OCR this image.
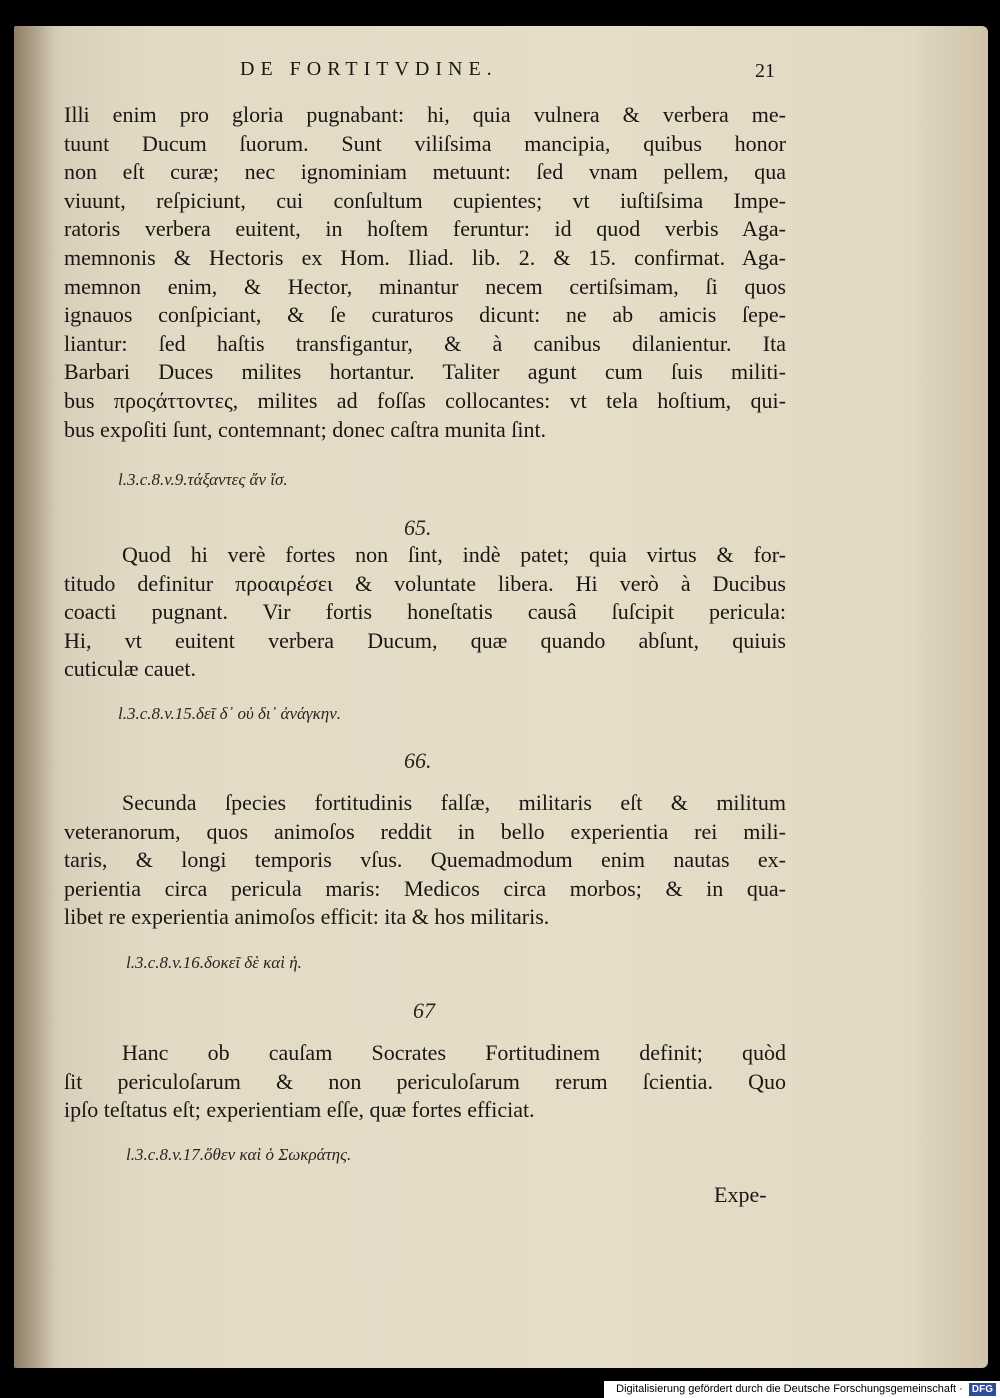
DE FORTITVDINE.	21
Illi enim pro gloria pugnabant: hi, quia vulnera & verbera me-
tuunt Ducum ſuorum. Sunt viliſsima mancipia, quibus honor
non eſt curæ; nec ignominiam metuunt: ſed vnam pellem, qua
viuunt, reſpiciunt, cui conſultum cupientes; vt iuſtiſsima Impe-
ratoris verbera euitent, in hoſtem feruntur: id quod verbis Aga-
memnonis & Hectoris ex Hom. Iliad. lib. 2. & 15. confirmat. Aga-
memnon enim, & Hector, minantur necem certiſsimam, ſi quos
ignauos conſpiciant, & ſe curaturos dicunt: ne ab amicis ſepe-
liantur: ſed haſtis transfigantur, & à canibus dilanientur. Ita
Barbari Duces milites hortantur. Taliter agunt cum ſuis militi-
bus προςάττοντες, milites ad foſſas collocantes: vt tela hoſtium, qui-
bus expoſiti ſunt, contemnant; donec caſtra munita ſint.
l.3.c.8.v.9.τάξαντες ἄν ἴσ.
65.
Quod hi verè fortes non ſint, indè patet; quia virtus & for-
titudo definitur προαιρέσει & voluntate libera. Hi verò à Ducibus
coacti pugnant. Vir fortis honeſtatis causâ ſuſcipit pericula:
Hi, vt euitent verbera Ducum, quæ quando abſunt, quiuis
cuticulæ cauet.
l.3.c.8.v.15.δεῖ δ᾽ οὐ δι᾽ ἀνάγκην.
66.
Secunda ſpecies fortitudinis falſæ, militaris eſt & militum
veteranorum, quos animoſos reddit in bello experientia rei mili-
taris, & longi temporis vſus. Quemadmodum enim nautas ex-
perientia circa pericula maris: Medicos circa morbos; & in qua-
libet re experientia animoſos efficit: ita & hos militaris.
l.3.c.8.v.16.δοκεῖ δὲ καὶ ἡ.
67
Hanc ob cauſam Socrates Fortitudinem definit; quòd
ſit periculoſarum & non periculoſarum rerum ſcientia. Quo
ipſo teſtatus eſt; experientiam eſſe, quæ fortes efficiat.
l.3.c.8.v.17.ὅθεν καὶ ὁ Σωκράτης.
Expe-
Digitalisierung gefördert durch die Deutsche Forschungsgemeinschaft · DFG
